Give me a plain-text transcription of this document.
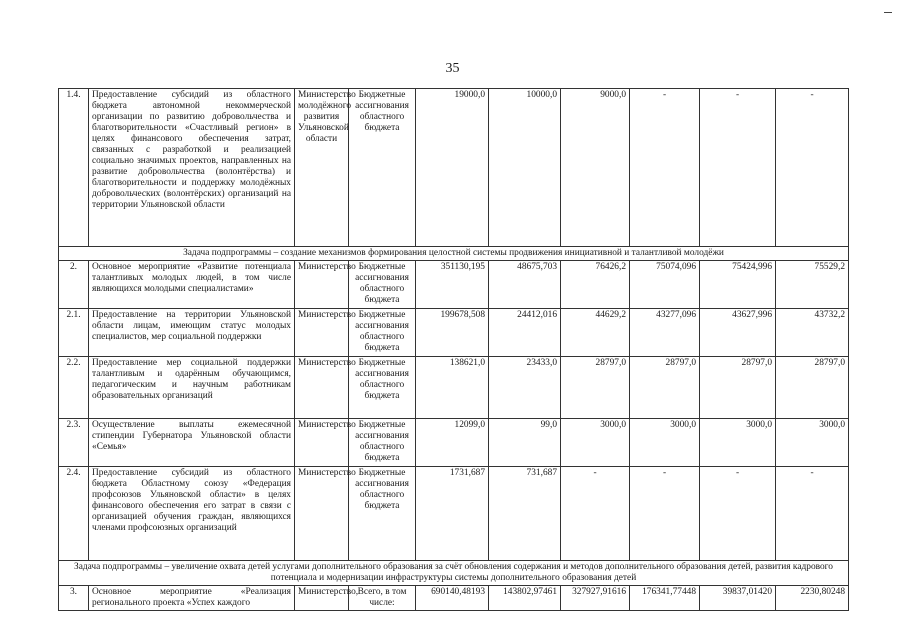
35
1.4.	Предоставление субсидий из областного бюджета автономной некоммерческой организации по развитию добровольчества и благотворительности «Счастливый регион» в целях финансового обеспечения затрат, связанных с разработкой и реализацией социально значимых проектов, направленных на развитие добровольчества (волонтёрства) и благотворительности и поддержку молодёжных добровольческих (волонтёрских) организаций на территории Ульяновской области	Министерство молодёжного развития Ульяновской области	Бюджетные ассигнования областного бюджета	19000,0	10000,0	9000,0	-	-	-
Задача подпрограммы – создание механизмов формирования целостной системы продвижения инициативной и талантливой молодёжи									
2.	Основное мероприятие «Развитие потенциала талантливых молодых людей, в том числе являющихся молодыми специалистами»	Министерство	Бюджетные ассигнования областного бюджета	351130,195	48675,703	76426,2	75074,096	75424,996	75529,2
2.1.	Предоставление на территории Ульяновской области лицам, имеющим статус молодых специалистов, мер социальной поддержки	Министерство	Бюджетные ассигнования областного бюджета	199678,508	24412,016	44629,2	43277,096	43627,996	43732,2
2.2.	Предоставление мер социальной поддержки талантливым и одарённым обучающимся, педагогическим и научным работникам образовательных организаций	Министерство	Бюджетные ассигнования областного бюджета	138621,0	23433,0	28797,0	28797,0	28797,0	28797,0
2.3.	Осуществление выплаты ежемесячной стипендии Губернатора Ульяновской области «Семья»	Министерство	Бюджетные ассигнования областного бюджета	12099,0	99,0	3000,0	3000,0	3000,0	3000,0
2.4.	Предоставление субсидий из областного бюджета Областному союзу «Федерация профсоюзов Ульяновской области» в целях финансового обеспечения его затрат в связи с организацией обучения граждан, являющихся членами профсоюзных организаций	Министерство	Бюджетные ассигнования областного бюджета	1731,687	731,687	-	-	-	-
Задача подпрограммы – увеличение охвата детей услугами дополнительного образования за счёт обновления содержания и методов дополнительного образования детей, развития кадрового потенциала и модернизации инфраструктуры системы дополнительного образования детей									
3.	Основное мероприятие «Реализация регионального проекта «Успех каждого	Министерство,	Всего, в том числе:	690140,48193	143802,97461	327927,91616	176341,77448	39837,01420	2230,80248
